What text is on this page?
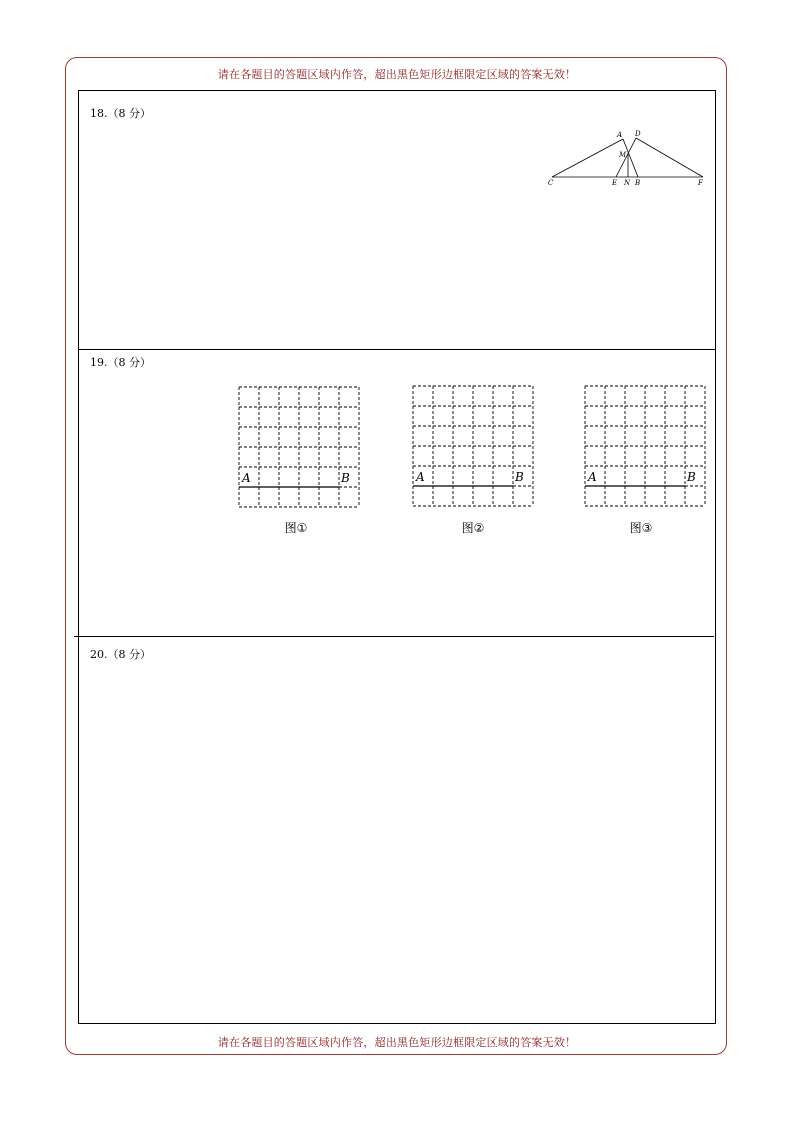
请在各题目的答题区域内作答，超出黑色矩形边框限定区域的答案无效！
18.（8 分）
A D
M
C	E N B	F
19.（8 分）
A	B
图①
A	B
图②
A	B
图③
20.（8 分）
请在各题目的答题区域内作答，超出黑色矩形边框限定区域的答案无效！
